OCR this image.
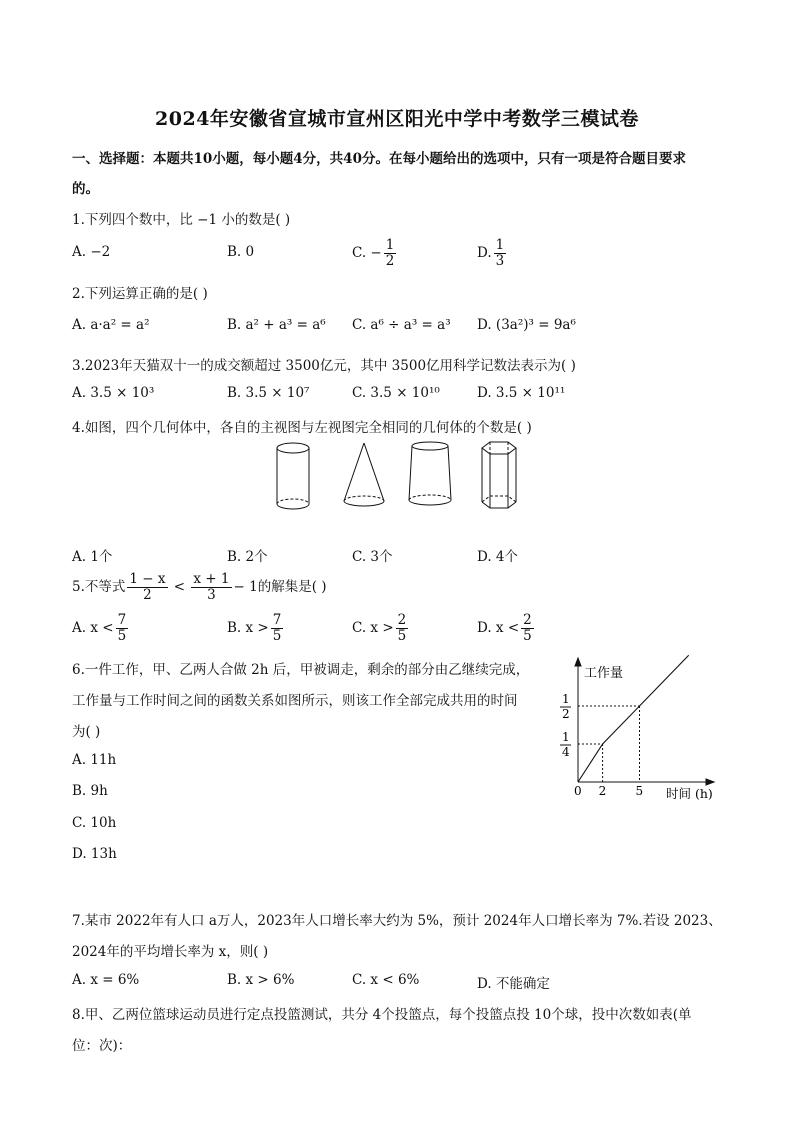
2024年安徽省宣城市宣州区阳光中学中考数学三模试卷
一、选择题：本题共10小题，每小题4分，共40分。在每小题给出的选项中，只有一项是符合题目要求
的。
1.下列四个数中，比 −1 小的数是( )
A. −2	B. 0	C. − $\frac{1}{2}$	D. $\frac{1}{3}$
2.下列运算正确的是( )
A. a·a² = a²	B. a² + a³ = a⁶ C. a⁶ ÷ a³ = a³ D. (3a²)³ = 9a⁶
3.2023年天猫双十一的成交额超过 3500亿元，其中 3500亿用科学记数法表示为( )
A. 3.5 × 10³	B. 3.5 × 10⁷	C. 3.5 × 10¹⁰	D. 3.5 × 10¹¹
4.如图，四个几何体中，各自的主视图与左视图完全相同的几何体的个数是( )
A. 1个	B. 2个	C. 3个	D. 4个
5.不等式 $\frac{1 - x}{2} < \frac{x + 1}{3} - 1$的解集是( )
A. $x < \frac{7}{5}$	B. $x > \frac{7}{5}$	C. $x > \frac{2}{5}$	D. $x < \frac{2}{5}$
6.一件工作，甲、乙两人合做 2h 后，甲被调走，剩余的部分由乙继续完成，
工作量与工作时间之间的函数关系如图所示，则该工作全部完成共用的时间
为( )
A. 11h
B. 9h
C. 10h
D. 13h
工作量
时间 (h)
0 2 5
1
2
1
4
7.某市 2022年有人口 a万人，2023年人口增长率大约为 5%，预计 2024年人口增长率为 7%.若设 2023、
2024年的平均增长率为 x，则( )
A. x = 6%	B. x > 6%	C. x < 6%	D. 不能确定
8.甲、乙两位篮球运动员进行定点投篮测试，共分 4个投篮点，每个投篮点投 10个球，投中次数如表(单
位：次)：
